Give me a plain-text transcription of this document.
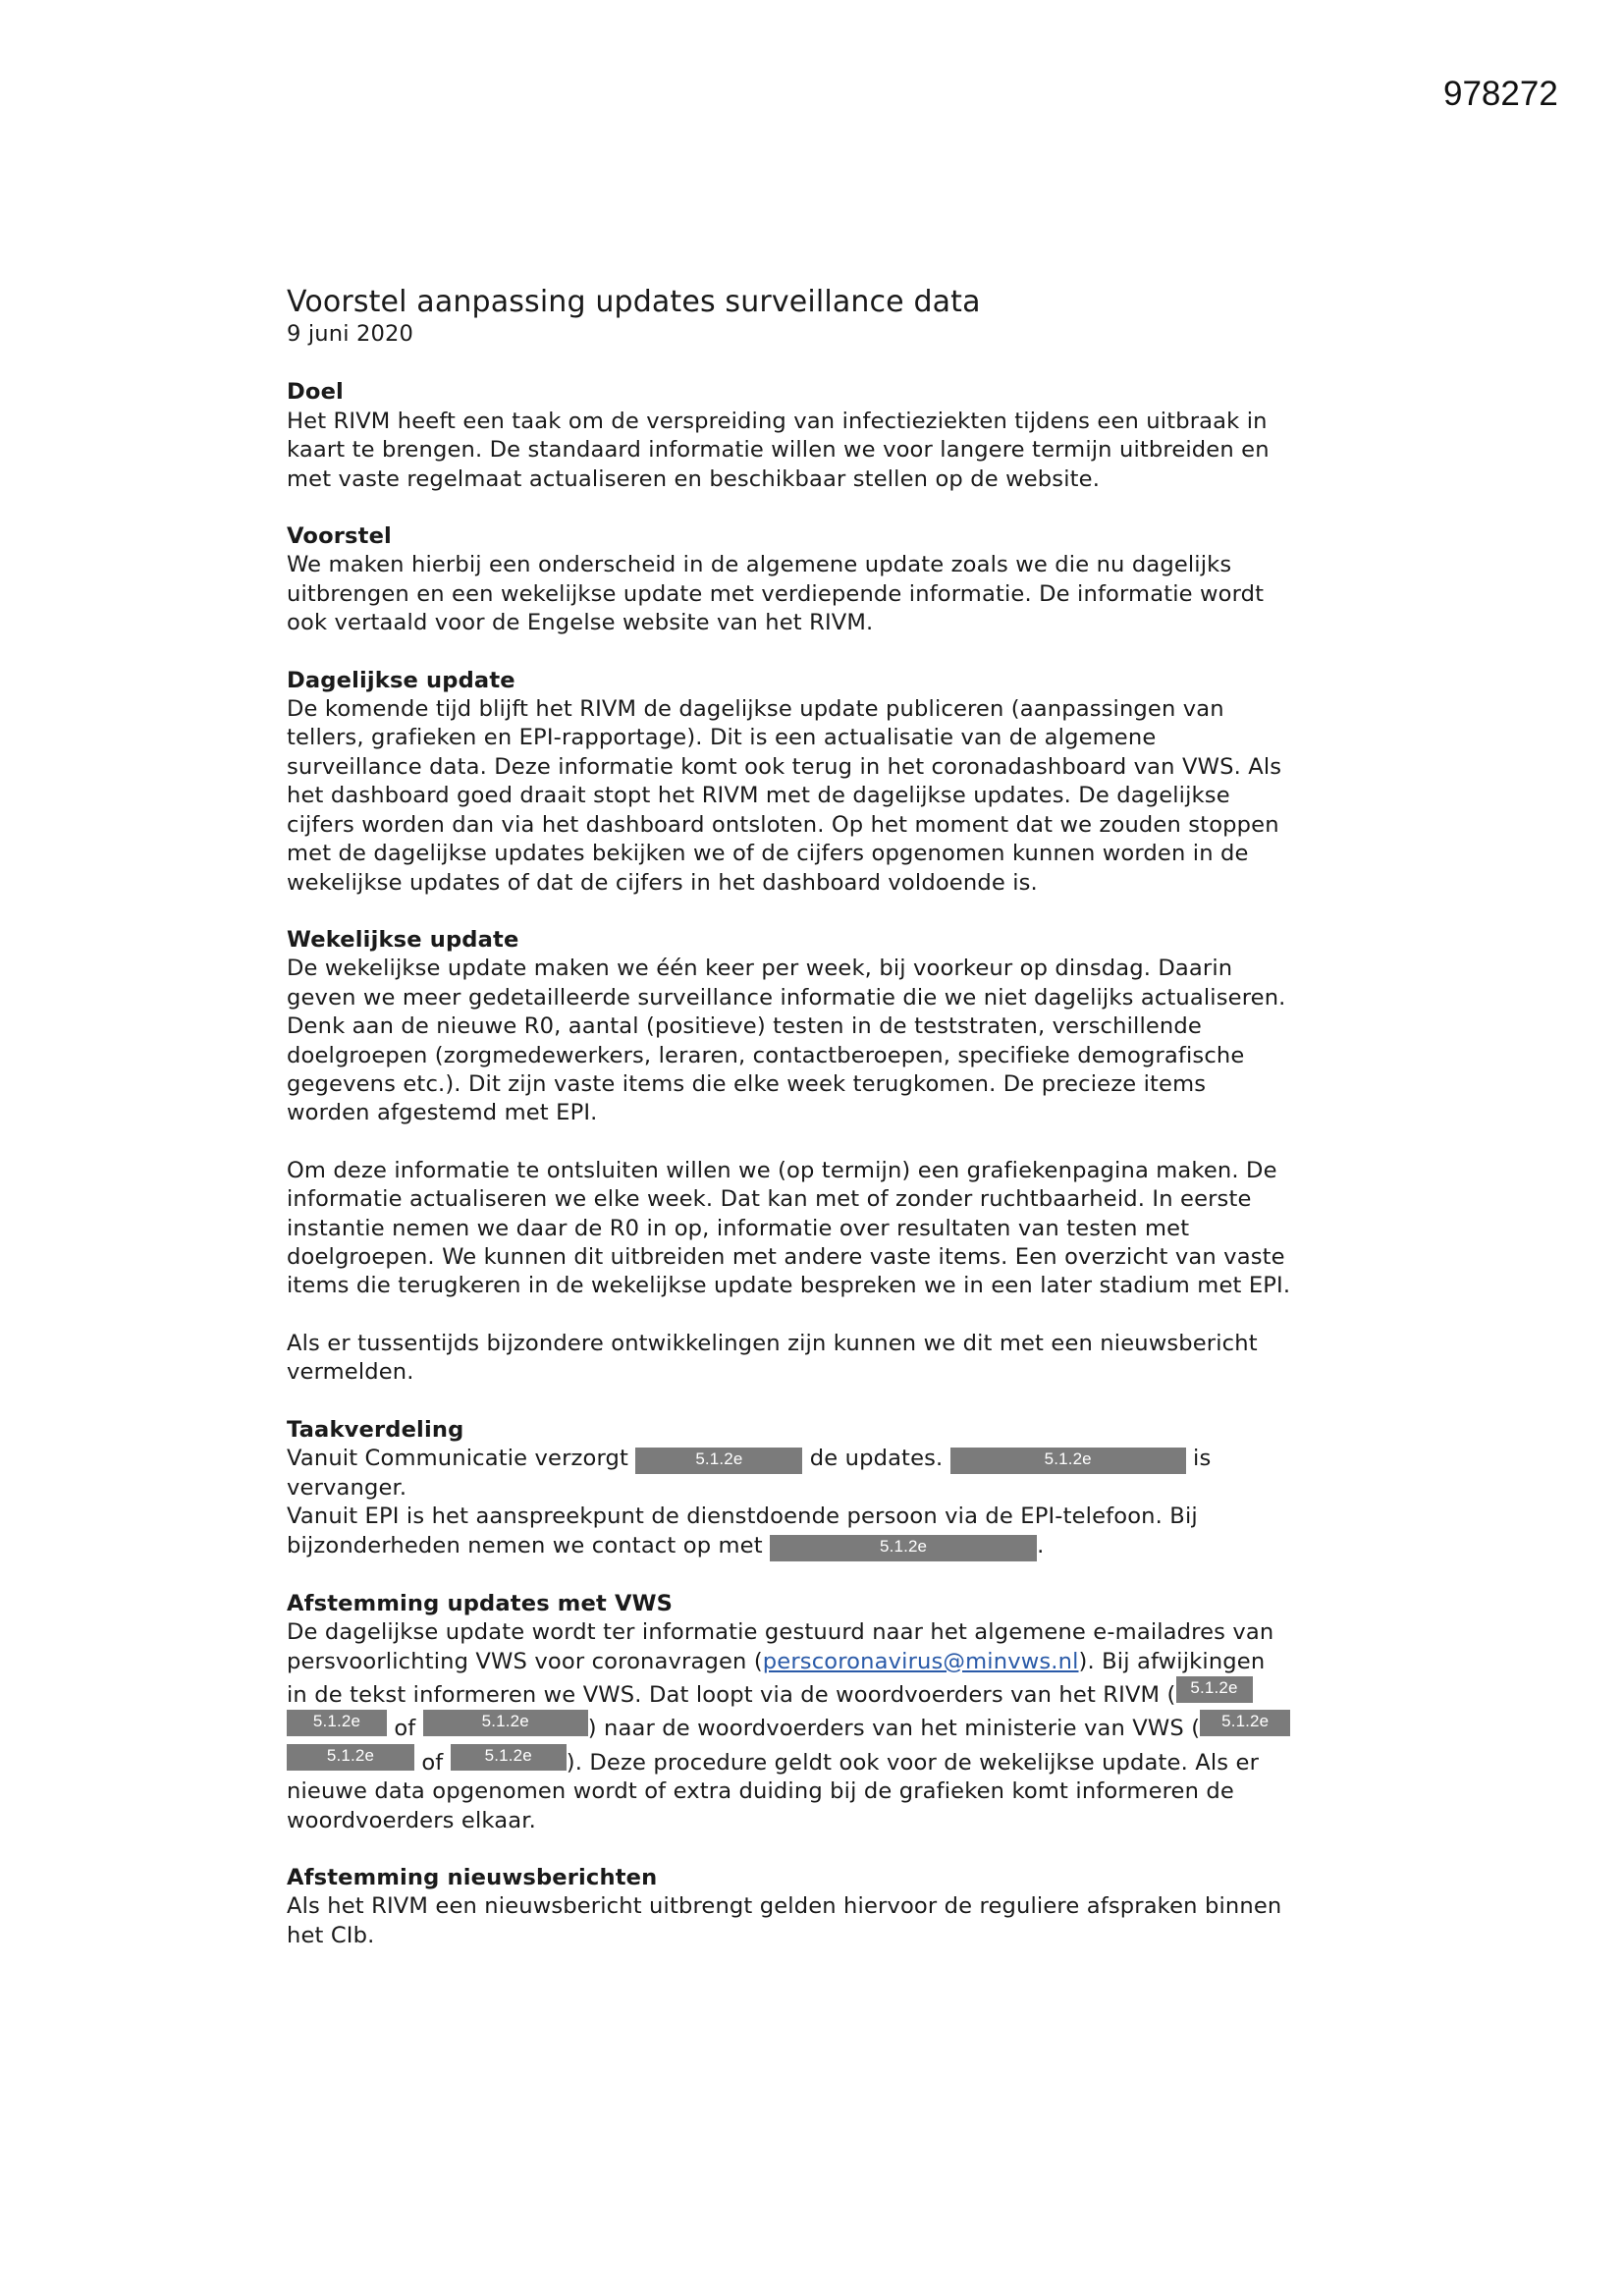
978272
Voorstel aanpassing updates surveillance data

9 juni 2020

Doel

Het RIVM heeft een taak om de verspreiding van infectieziekten tijdens een uitbraak in
kaart te brengen. De standaard informatie willen we voor langere termijn uitbreiden en
met vaste regelmaat actualiseren en beschikbaar stellen op de website.

Voorstel

We maken hierbij een onderscheid in de algemene update zoals we die nu dagelijks
uitbrengen en een wekelijkse update met verdiepende informatie. De informatie wordt
ook vertaald voor de Engelse website van het RIVM.

Dagelijkse update

De komende tijd blijft het RIVM de dagelijkse update publiceren (aanpassingen van
tellers, grafieken en EPI-rapportage). Dit is een actualisatie van de algemene
surveillance data. Deze informatie komt ook terug in het coronadashboard van VWS. Als
het dashboard goed draait stopt het RIVM met de dagelijkse updates. De dagelijkse
cijfers worden dan via het dashboard ontsloten. Op het moment dat we zouden stoppen
met de dagelijkse updates bekijken we of de cijfers opgenomen kunnen worden in de
wekelijkse updates of dat de cijfers in het dashboard voldoende is.

Wekelijkse update

De wekelijkse update maken we één keer per week, bij voorkeur op dinsdag. Daarin
geven we meer gedetailleerde surveillance informatie die we niet dagelijks actualiseren.
Denk aan de nieuwe R0, aantal (positieve) testen in de teststraten, verschillende
doelgroepen (zorgmedewerkers, leraren, contactberoepen, specifieke demografische
gegevens etc.). Dit zijn vaste items die elke week terugkomen. De precieze items
worden afgestemd met EPI.

Om deze informatie te ontsluiten willen we (op termijn) een grafiekenpagina maken. De
informatie actualiseren we elke week. Dat kan met of zonder ruchtbaarheid. In eerste
instantie nemen we daar de R0 in op, informatie over resultaten van testen met
doelgroepen. We kunnen dit uitbreiden met andere vaste items. Een overzicht van vaste
items die terugkeren in de wekelijkse update bespreken we in een later stadium met EPI.

Als er tussentijds bijzondere ontwikkelingen zijn kunnen we dit met een nieuwsbericht
vermelden.

Taakverdeling

Vanuit Communicatie verzorgt	5.1.2e	de updates.	5.1.2e	is
vervanger.
Vanuit EPI is het aanspreekpunt de dienstdoende persoon via de EPI-telefoon. Bij
bijzonderheden nemen we contact op met	5.1.2e	.

Afstemming updates met VWS

De dagelijkse update wordt ter informatie gestuurd naar het algemene e-mailadres van
persvoorlichting VWS voor coronavragen (perscoronavirus@minvws.nl). Bij afwijkingen
in de tekst informeren we VWS. Dat loopt via de woordvoerders van het RIVM ( 5.1.2e
5.1.2e of	5.1.2e	) naar de woordvoerders van het ministerie van VWS ( 5.1.2e
5.1.2e of 5.1.2e ). Deze procedure geldt ook voor de wekelijkse update. Als er
nieuwe data opgenomen wordt of extra duiding bij de grafieken komt informeren de
woordvoerders elkaar.

Afstemming nieuwsberichten

Als het RIVM een nieuwsbericht uitbrengt gelden hiervoor de reguliere afspraken binnen
het CIb.
